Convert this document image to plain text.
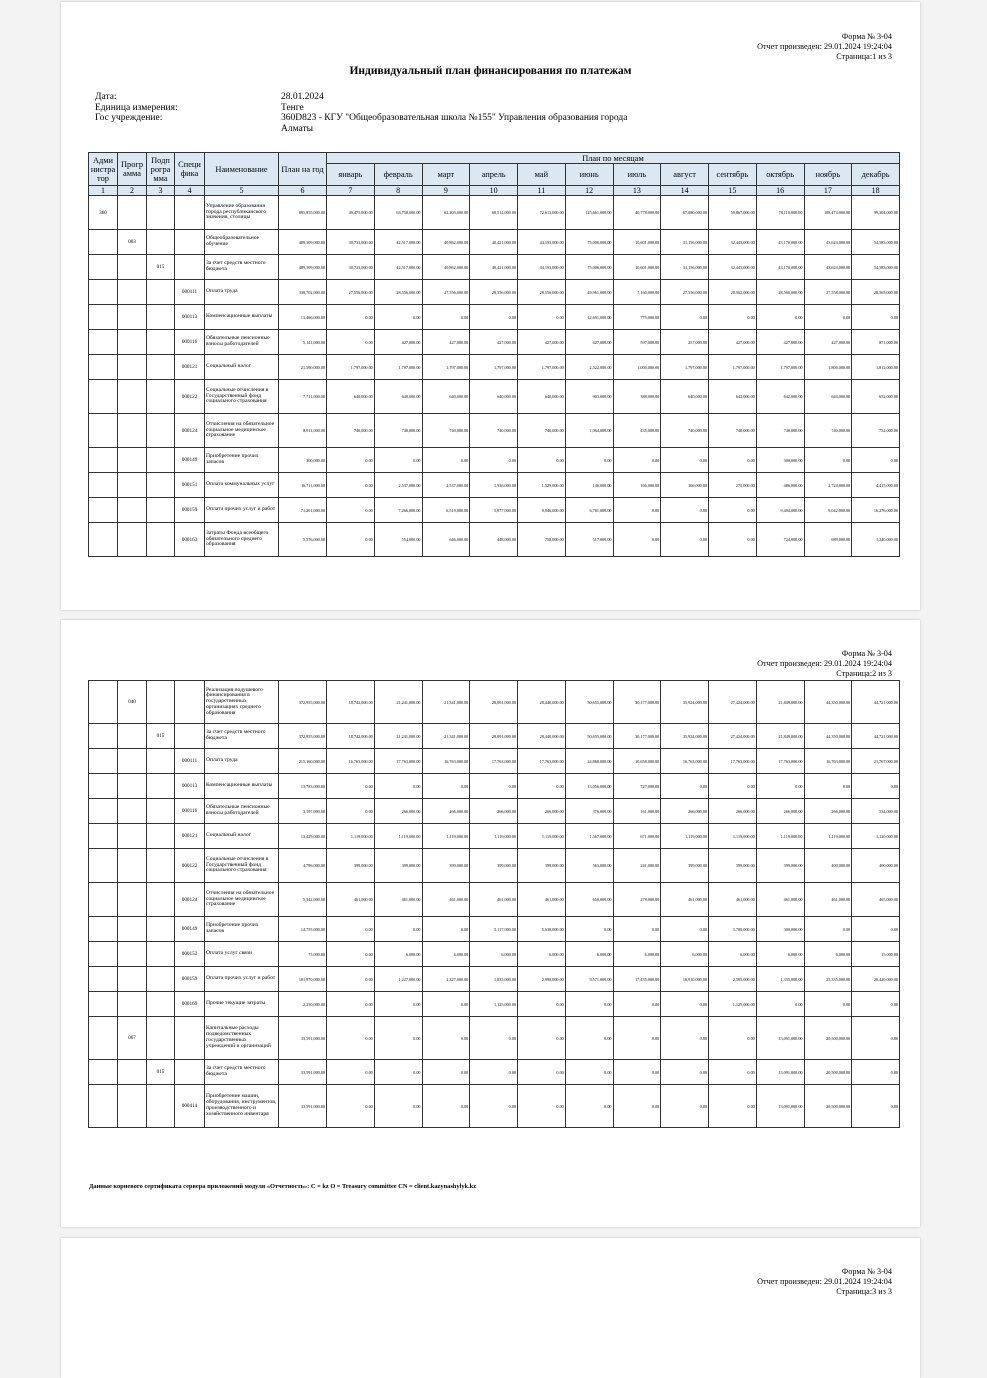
Форма № 3-04
Отчет произведен: 29.01.2024 19:24:04
Страница:1 из 3
Индивидуальный план финансирования по платежам
Дата:	28.01.2024
Единица измерения:	Тенге
Гос учреждение:	360D823 - КГУ "Общеобразовательная школа №155" Управления образования города Алматы
Адми нистра тор	Прогр амма	Подп рогра мма	Специ фика	Наименование	План на год	План по месяцам											
						январь	февраль	март	апрель	май	июнь	июль	август	сентябрь	октябрь	ноябрь	декабрь
1	2	3	4	5	6	7	8	9	10	11	12	13	14	15	16	17	18
360				Управление образования города республиканского значения, столицы	895,855,000.00	49,475,000.00	63,758,000.00	62,203,000.00	68,512,000.00	72,613,000.00	125,661,000.00	40,778,000.00	67,080,000.00	59,867,000.00	78,110,000.00	108,474,000.00	99,304,000.00
	003			Общеобразовательное обучение	489,309,000.00	30,733,000.00	42,517,000.00	40,862,000.00	40,421,000.00	44,193,000.00	75,006,000.00	10,601,000.00	31,156,000.00	32,443,000.00	43,170,000.00	43,624,000.00	54,583,000.00
		015		За счет средств местного бюджета	489,309,000.00	30,733,000.00	42,517,000.00	40,862,000.00	40,421,000.00	44,193,000.00	75,006,000.00	10,601,000.00	31,156,000.00	32,443,000.00	43,170,000.00	43,624,000.00	54,583,000.00
			000111	Оплата труда	338,702,000.00	27,556,000.00	28,556,000.00	27,556,000.00	28,556,000.00	28,556,000.00	49,961,000.00	7,160,000.00	27,556,000.00	28,502,000.00	28,560,000.00	27,558,000.00	28,565,000.00
			000113	Компенсационные выплаты	13,466,000.00	0.00	0.00	0.00	0.00	0.00	12,691,000.00	775,000.00	0.00	0.00	0.00	0.00	0.00
			000116	Обязательные пенсионные взносы работодателей	5,141,000.00	0.00	427,000.00	427,000.00	427,000.00	427,000.00	427,000.00	597,000.00	257,000.00	427,000.00	427,000.00	427,000.00	871,000.00
			000121	Социальный налог	21,590,000.00	1,797,000.00	1,797,000.00	1,797,000.00	1,797,000.00	1,797,000.00	2,522,000.00	1,000,000.00	1,797,000.00	1,797,000.00	1,797,000.00	1,800,000.00	1,812,000.00
			000122	Социальные отчисления в Государственный фонд социального страхования	7,711,000.00	640,000.00	640,000.00	640,000.00	640,000.00	640,000.00	903,000.00	388,000.00	640,000.00	642,000.00	642,000.00	644,000.00	652,000.00
			000124	Отчисления на обязательное социальное медицинское страхование	8,911,000.00	740,000.00	740,000.00	740,000.00	740,000.00	740,000.00	1,064,000.00	435,000.00	740,000.00	740,000.00	740,000.00	740,000.00	752,000.00
			000149	Приобретение прочих запасов	300,000.00	0.00	0.00	0.00	0.00	0.00	0.00	0.00	0.00	0.00	300,000.00	0.00	0.00
			000151	Оплата коммунальных услуг	16,711,000.00	0.00	2,537,000.00	2,537,000.00	1,936,000.00	1,529,000.00	140,000.00	166,000.00	166,000.00	275,000.00	486,000.00	2,724,000.00	4,415,000.00
			000159	Оплата прочих услуг и работ	71,201,000.00	0.00	7,266,000.00	6,519,000.00	5,877,000.00	9,946,000.00	6,781,000.00	0.00	0.00	0.00	9,494,000.00	9,042,000.00	16,276,000.00
			000163	Затраты Фонда всеобщего обязательного среднего образования	5,576,000.00	0.00	554,000.00	646,000.00	448,000.00	758,000.00	517,000.00	0.00	0.00	0.00	724,000.00	689,000.00	1,240,000.00
Форма № 3-04
Отчет произведен: 29.01.2024 19:24:04
Страница:2 из 3
	040			Реализация подушевого финансирования в государственных организациях среднего образования	372,955,000.00	18,742,000.00	21,241,000.00	21,341,000.00	28,091,000.00	28,440,000.00	50,655,000.00	30,177,000.00	35,924,000.00	27,424,000.00	21,849,000.00	44,350,000.00	44,721,000.00
		015		За счет средств местного бюджета	372,955,000.00	18,742,000.00	21,241,000.00	21,341,000.00	28,091,000.00	28,440,000.00	50,655,000.00	30,177,000.00	35,924,000.00	27,424,000.00	21,849,000.00	44,350,000.00	44,721,000.00
			000111	Оплата труда	215,160,000.00	16,763,000.00	17,763,000.00	16,763,000.00	17,763,000.00	17,763,000.00	24,868,000.00	10,658,000.00	16,763,000.00	17,763,000.00	17,763,000.00	16,763,000.00	21,767,000.00
			000113	Компенсационные выплаты	13,783,000.00	0.00	0.00	0.00	0.00	0.00	13,056,000.00	727,000.00	0.00	0.00	0.00	0.00	0.00
			000116	Обязательные пенсионные взносы работодателей	3,197,000.00	0.00	266,000.00	266,000.00	266,000.00	266,000.00	376,000.00	161,000.00	266,000.00	266,000.00	266,000.00	266,000.00	534,000.00
			000121	Социальный налог	13,429,000.00	1,119,000.00	1,119,000.00	1,119,000.00	1,119,000.00	1,119,000.00	1,567,000.00	671,000.00	1,119,000.00	1,119,000.00	1,119,000.00	1,119,000.00	1,120,000.00
			000122	Социальные отчисления в Государственный фонд социального страхования	4,796,000.00	399,000.00	399,000.00	399,000.00	399,000.00	399,000.00	563,000.00	241,000.00	399,000.00	399,000.00	399,000.00	400,000.00	400,000.00
			000124	Отчисления на обязательное социальное медицинское страхование	5,542,000.00	461,000.00	461,000.00	461,000.00	461,000.00	461,000.00	650,000.00	278,000.00	461,000.00	461,000.00	461,000.00	461,000.00	465,000.00
			000149	Приобретение прочих запасов	14,755,000.00	0.00	0.00	0.00	5,117,000.00	5,638,000.00	0.00	0.00	0.00	3,700,000.00	300,000.00	0.00	0.00
			000152	Оплата услуг связи	75,000.00	0.00	6,000.00	6,000.00	6,000.00	6,000.00	6,000.00	6,000.00	6,000.00	6,000.00	6,000.00	6,000.00	15,000.00
			000159	Оплата прочих услуг и работ	101,970,000.00	0.00	1,227,000.00	2,327,000.00	1,835,000.00	2,990,000.00	9,571,000.00	17,435,000.00	16,910,000.00	2,585,000.00	1,335,000.00	25,335,000.00	20,420,000.00
			000169	Прочие текущие затраты	2,250,000.00	0.00	0.00	0.00	1,125,000.00	0.00	0.00	0.00	0.00	1,125,000.00	0.00	0.00	0.00
	067			Капитальные расходы подведомственных государственных учреждений и организаций	33,591,000.00	0.00	0.00	0.00	0.00	0.00	0.00	0.00	0.00	0.00	13,091,000.00	20,500,000.00	0.00
		015		За счет средств местного бюджета	33,591,000.00	0.00	0.00	0.00	0.00	0.00	0.00	0.00	0.00	0.00	13,091,000.00	20,500,000.00	0.00
			000414	Приобретение машин, оборудования, инструментов, производственного и хозяйственного инвентаря	33,591,000.00	0.00	0.00	0.00	0.00	0.00	0.00	0.00	0.00	0.00	13,091,000.00	20,500,000.00	0.00
Данные корневого сертификата сервера приложений модуля «Отчетность»: C = kz O = Treasury committee CN = client.kazynashylyk.kz
Форма № 3-04
Отчет произведен: 29.01.2024 19:24:04
Страница:3 из 3
